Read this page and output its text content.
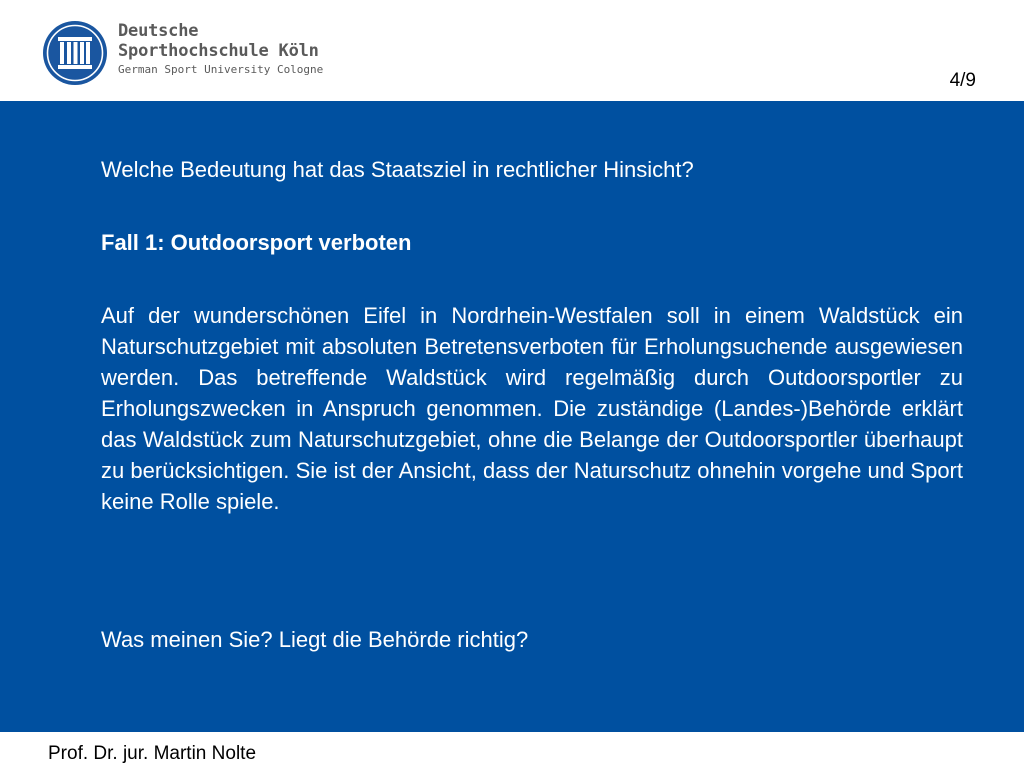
Deutsche
Sporthochschule Köln
German Sport University Cologne
4/9

Welche Bedeutung hat das Staatsziel in rechtlicher Hinsicht?

Fall 1: Outdoorsport verboten

Auf der wunderschönen Eifel in Nordrhein-Westfalen soll in einem Waldstück ein Naturschutzgebiet mit absoluten Betretensverboten für Erholungsuchende ausgewiesen werden. Das betreffende Waldstück wird regelmäßig durch Outdoorsportler zu Erholungszwecken in Anspruch genommen. Die zuständige (Landes-)Behörde erklärt das Waldstück zum Naturschutzgebiet, ohne die Belange der Outdoorsportler überhaupt zu berücksichtigen. Sie ist der Ansicht, dass der Naturschutz ohnehin vorgehe und Sport keine Rolle spiele.

Was meinen Sie? Liegt die Behörde richtig?

Prof. Dr. jur. Martin Nolte
